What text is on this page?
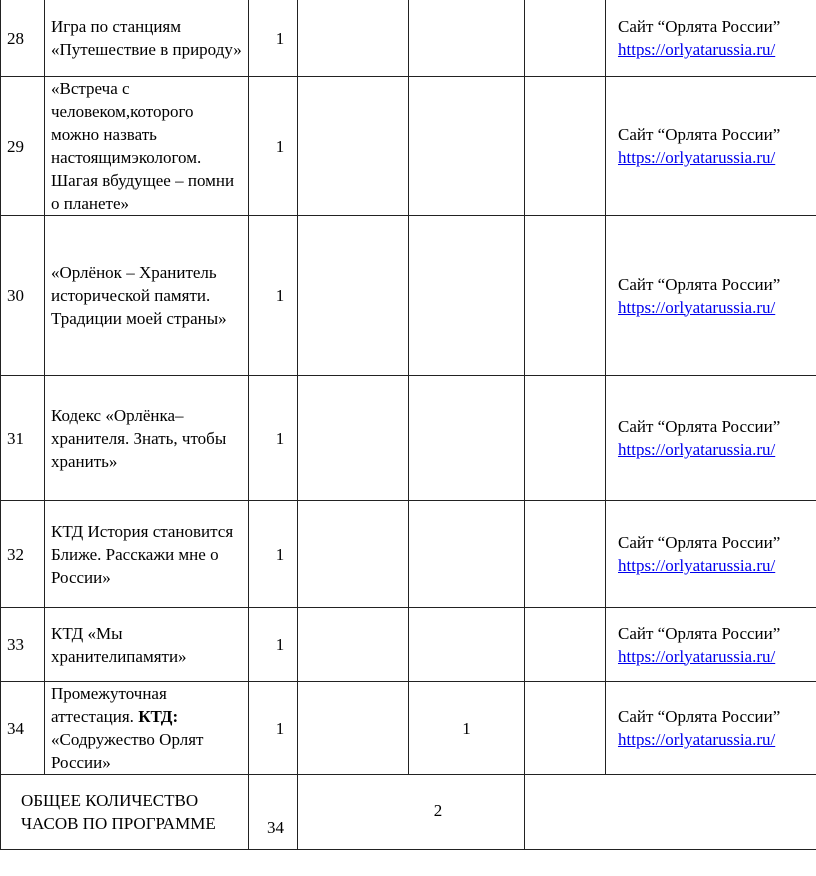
28	Игра по станциям «Путешествие в природу»	1				Сайт “Орлята России”
https://orlyatarussia.ru/
29	«Встреча с человеком,которого можно назвать настоящимэкологом. Шагая вбудущее – помни о планете»	1				Сайт “Орлята России”
https://orlyatarussia.ru/
30	«Орлёнок – Хранитель исторической памяти. Традиции моей страны»	1				Сайт “Орлята России”
https://orlyatarussia.ru/
31	Кодекс «Орлёнка– хранителя. Знать, чтобы хранить»	1				Сайт “Орлята России”
https://orlyatarussia.ru/
32	КТД История становится Ближе. Расскажи мне о России»	1				Сайт “Орлята России”
https://orlyatarussia.ru/
33	КТД «Мы хранителипамяти»	1				Сайт “Орлята России”
https://orlyatarussia.ru/
34	Промежуточная аттестация. КТД: «Содружество Орлят России»	1		1		Сайт “Орлята России”
https://orlyatarussia.ru/
ОБЩЕЕ КОЛИЧЕСТВО ЧАСОВ ПО ПРОГРАММЕ		34	2			
